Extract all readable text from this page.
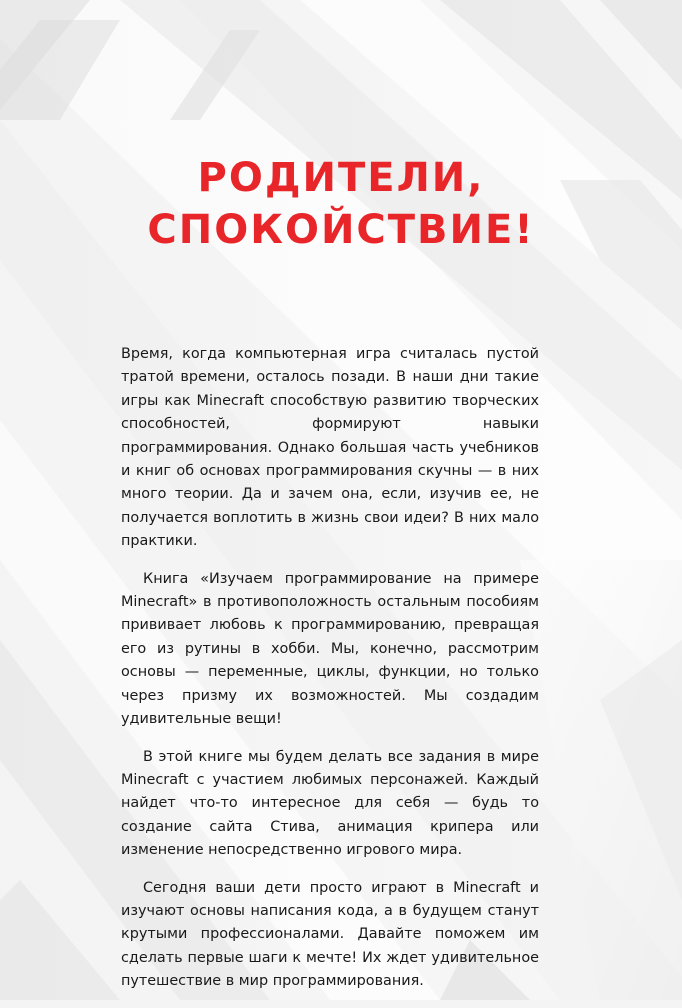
РОДИТЕЛИ,
СПОКОЙСТВИЕ!

Время, когда компьютерная игра считалась пустой тратой времени, осталось позади. В наши дни такие игры как Minecraft способствую развитию творческих способностей, формируют навыки программирования. Однако большая часть учебников и книг об основах программирования скучны — в них много теории. Да и зачем она, если, изучив ее, не получается воплотить в жизнь свои идеи? В них мало практики.

Книга «Изучаем программирование на примере Minecraft» в противоположность остальным пособиям прививает любовь к программированию, превращая его из рутины в хобби. Мы, конечно, рассмотрим основы — переменные, циклы, функции, но только через призму их возможностей. Мы создадим удивительные вещи!

В этой книге мы будем делать все задания в мире Minecraft с участием любимых персонажей. Каждый найдет что-то интересное для себя — будь то создание сайта Стива, анимация крипера или изменение непосредственно игрового мира.

Сегодня ваши дети просто играют в Minecraft и изучают основы написания кода, а в будущем станут крутыми профессионалами. Давайте поможем им сделать первые шаги к мечте! Их ждет удивительное путешествие в мир программирования.
